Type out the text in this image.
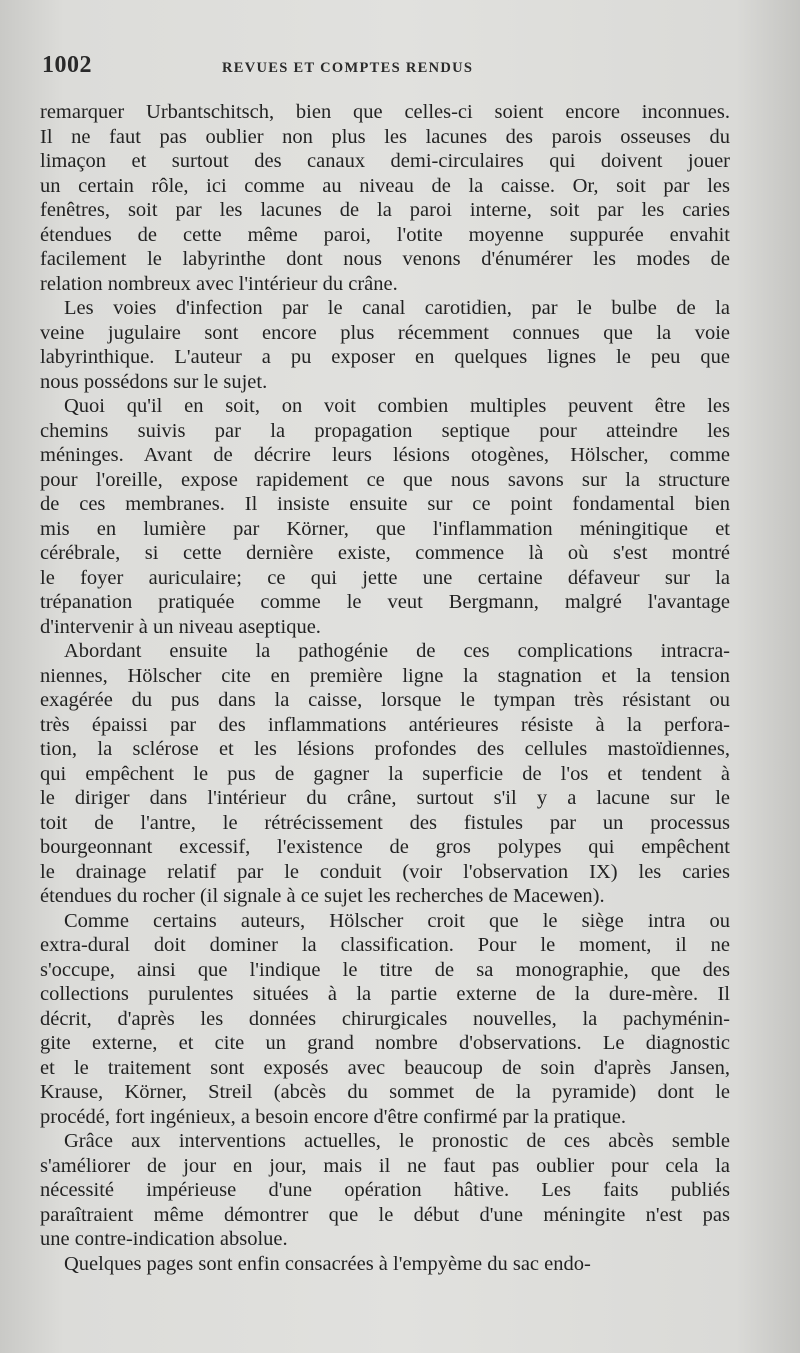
1002	REVUES ET COMPTES RENDUS
remarquer Urbantschitsch, bien que celles-ci soient encore inconnues.
Il ne faut pas oublier non plus les lacunes des parois osseuses du
limaçon et surtout des canaux demi-circulaires qui doivent jouer
un certain rôle, ici comme au niveau de la caisse. Or, soit par les
fenêtres, soit par les lacunes de la paroi interne, soit par les caries
étendues de cette même paroi, l'otite moyenne suppurée envahit
facilement le labyrinthe dont nous venons d'énumérer les modes de
relation nombreux avec l'intérieur du crâne.
Les voies d'infection par le canal carotidien, par le bulbe de la
veine jugulaire sont encore plus récemment connues que la voie
labyrinthique. L'auteur a pu exposer en quelques lignes le peu que
nous possédons sur le sujet.
Quoi qu'il en soit, on voit combien multiples peuvent être les
chemins suivis par la propagation septique pour atteindre les
méninges. Avant de décrire leurs lésions otogènes, Hölscher, comme
pour l'oreille, expose rapidement ce que nous savons sur la structure
de ces membranes. Il insiste ensuite sur ce point fondamental bien
mis en lumière par Körner, que l'inflammation méningitique et
cérébrale, si cette dernière existe, commence là où s'est montré
le foyer auriculaire; ce qui jette une certaine défaveur sur la
trépanation pratiquée comme le veut Bergmann, malgré l'avantage
d'intervenir à un niveau aseptique.
Abordant ensuite la pathogénie de ces complications intracra-
niennes, Hölscher cite en première ligne la stagnation et la tension
exagérée du pus dans la caisse, lorsque le tympan très résistant ou
très épaissi par des inflammations antérieures résiste à la perfora-
tion, la sclérose et les lésions profondes des cellules mastoïdiennes,
qui empêchent le pus de gagner la superficie de l'os et tendent à
le diriger dans l'intérieur du crâne, surtout s'il y a lacune sur le
toit de l'antre, le rétrécissement des fistules par un processus
bourgeonnant excessif, l'existence de gros polypes qui empêchent
le drainage relatif par le conduit (voir l'observation IX) les caries
étendues du rocher (il signale à ce sujet les recherches de Macewen).
Comme certains auteurs, Hölscher croit que le siège intra ou
extra-dural doit dominer la classification. Pour le moment, il ne
s'occupe, ainsi que l'indique le titre de sa monographie, que des
collections purulentes situées à la partie externe de la dure-mère. Il
décrit, d'après les données chirurgicales nouvelles, la pachyménin-
gite externe, et cite un grand nombre d'observations. Le diagnostic
et le traitement sont exposés avec beaucoup de soin d'après Jansen,
Krause, Körner, Streil (abcès du sommet de la pyramide) dont le
procédé, fort ingénieux, a besoin encore d'être confirmé par la pratique.
Grâce aux interventions actuelles, le pronostic de ces abcès semble
s'améliorer de jour en jour, mais il ne faut pas oublier pour cela la
nécessité impérieuse d'une opération hâtive. Les faits publiés
paraîtraient même démontrer que le début d'une méningite n'est pas
une contre-indication absolue.
Quelques pages sont enfin consacrées à l'empyème du sac endo-
